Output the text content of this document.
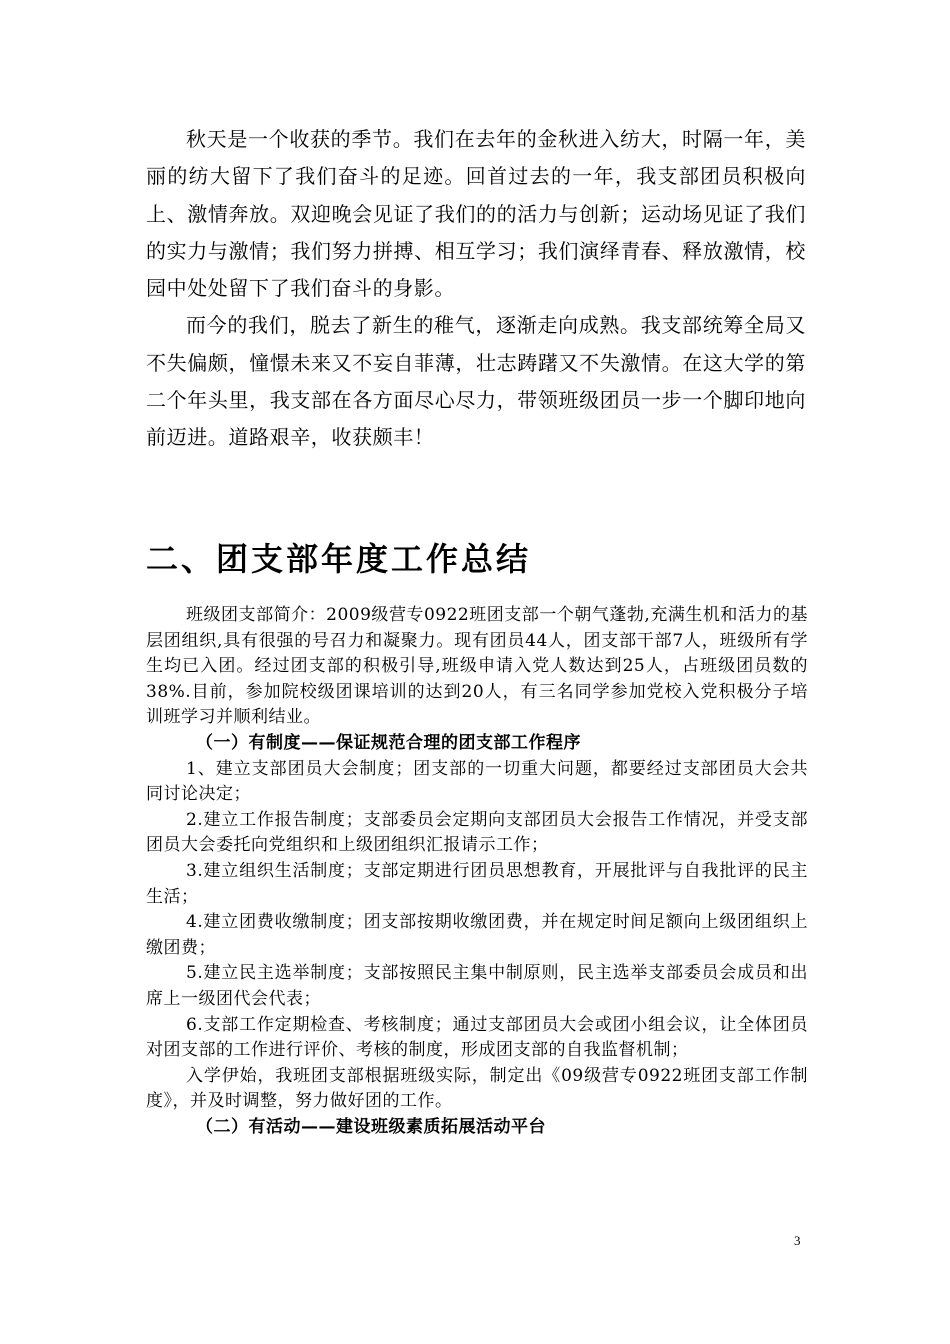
秋天是一个收获的季节。我们在去年的金秋进入纺大，时隔一年，美丽的纺大留下了我们奋斗的足迹。回首过去的一年，我支部团员积极向上、激情奔放。双迎晚会见证了我们的的活力与创新；运动场见证了我们的实力与激情；我们努力拼搏、相互学习；我们演绎青春、释放激情，校园中处处留下了我们奋斗的身影。

而今的我们，脱去了新生的稚气，逐渐走向成熟。我支部统筹全局又不失偏颇，憧憬未来又不妄自菲薄，壮志踌躇又不失激情。在这大学的第二个年头里，我支部在各方面尽心尽力，带领班级团员一步一个脚印地向前迈进。道路艰辛，收获颇丰！

二、团支部年度工作总结

班级团支部简介：2009级营专0922班团支部一个朝气蓬勃,充满生机和活力的基层团组织,具有很强的号召力和凝聚力。现有团员44人，团支部干部7人，班级所有学生均已入团。经过团支部的积极引导,班级申请入党人数达到25人，占班级团员数的38%.目前，参加院校级团课培训的达到20人，有三名同学参加党校入党积极分子培训班学习并顺利结业。

（一）有制度——保证规范合理的团支部工作程序

1、建立支部团员大会制度；团支部的一切重大问题，都要经过支部团员大会共同讨论决定；

2.建立工作报告制度；支部委员会定期向支部团员大会报告工作情况，并受支部团员大会委托向党组织和上级团组织汇报请示工作；

3.建立组织生活制度；支部定期进行团员思想教育，开展批评与自我批评的民主生活；

4.建立团费收缴制度；团支部按期收缴团费，并在规定时间足额向上级团组织上缴团费；

5.建立民主选举制度；支部按照民主集中制原则，民主选举支部委员会成员和出席上一级团代会代表；

6.支部工作定期检查、考核制度；通过支部团员大会或团小组会议，让全体团员对团支部的工作进行评价、考核的制度，形成团支部的自我监督机制；

入学伊始，我班团支部根据班级实际，制定出《09级营专0922班团支部工作制度》，并及时调整，努力做好团的工作。

（二）有活动——建设班级素质拓展活动平台

3
